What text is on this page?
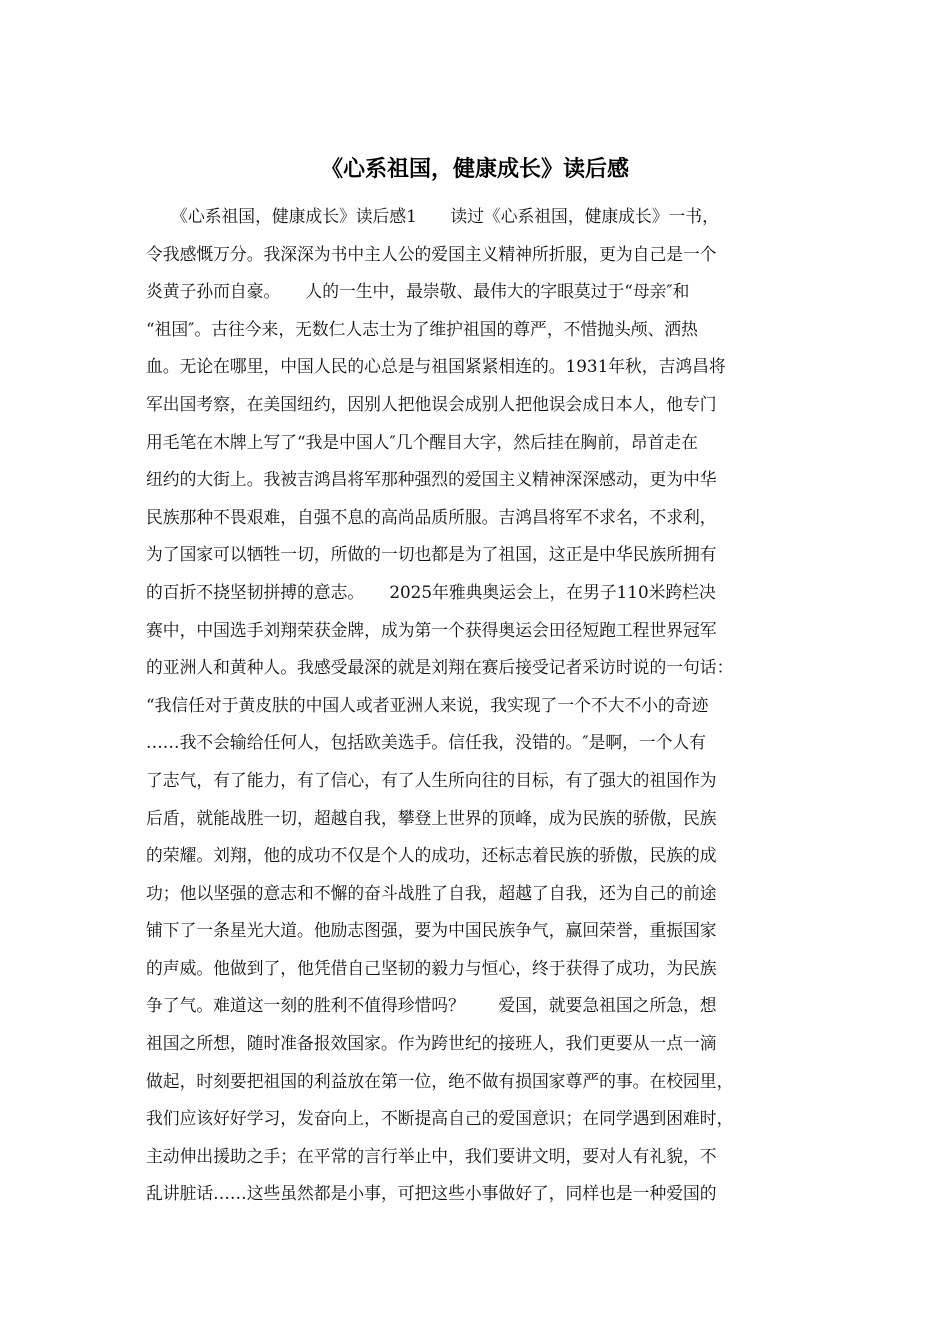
《心系祖国，健康成长》读后感
　　《心系祖国，健康成长》读后感1　　读过《心系祖国，健康成长》一书，
令我感慨万分。我深深为书中主人公的爱国主义精神所折服，更为自己是一个
炎黄子孙而自豪。　　人的一生中，最崇敬、最伟大的字眼莫过于“母亲″和
“祖国″。古往今来，无数仁人志士为了维护祖国的尊严，不惜抛头颅、洒热
血。无论在哪里，中国人民的心总是与祖国紧紧相连的。1931年秋，吉鸿昌将
军出国考察，在美国纽约，因别人把他误会成别人把他误会成日本人，他专门
用毛笔在木牌上写了“我是中国人″几个醒目大字，然后挂在胸前，昂首走在
纽约的大街上。我被吉鸿昌将军那种强烈的爱国主义精神深深感动，更为中华
民族那种不畏艰难，自强不息的高尚品质所服。吉鸿昌将军不求名，不求利，
为了国家可以牺牲一切，所做的一切也都是为了祖国，这正是中华民族所拥有
的百折不挠坚韧拼搏的意志。　　2025年雅典奥运会上，在男子110米跨栏决
赛中，中国选手刘翔荣获金牌，成为第一个获得奥运会田径短跑工程世界冠军
的亚洲人和黄种人。我感受最深的就是刘翔在赛后接受记者采访时说的一句话：
“我信任对于黄皮肤的中国人或者亚洲人来说，我实现了一个不大不小的奇迹
……我不会输给任何人，包括欧美选手。信任我，没错的。″是啊，一个人有
了志气，有了能力，有了信心，有了人生所向往的目标，有了强大的祖国作为
后盾，就能战胜一切，超越自我，攀登上世界的顶峰，成为民族的骄傲，民族
的荣耀。刘翔，他的成功不仅是个人的成功，还标志着民族的骄傲，民族的成
功；他以坚强的意志和不懈的奋斗战胜了自我，超越了自我，还为自己的前途
铺下了一条星光大道。他励志图强，要为中国民族争气，赢回荣誉，重振国家
的声威。他做到了，他凭借自己坚韧的毅力与恒心，终于获得了成功，为民族
争了气。难道这一刻的胜利不值得珍惜吗？　　爱国，就要急祖国之所急，想
祖国之所想，随时准备报效国家。作为跨世纪的接班人，我们更要从一点一滴
做起，时刻要把祖国的利益放在第一位，绝不做有损国家尊严的事。在校园里，
我们应该好好学习，发奋向上，不断提高自己的爱国意识；在同学遇到困难时，
主动伸出援助之手；在平常的言行举止中，我们要讲文明，要对人有礼貌，不
乱讲脏话……这些虽然都是小事，可把这些小事做好了，同样也是一种爱国的
